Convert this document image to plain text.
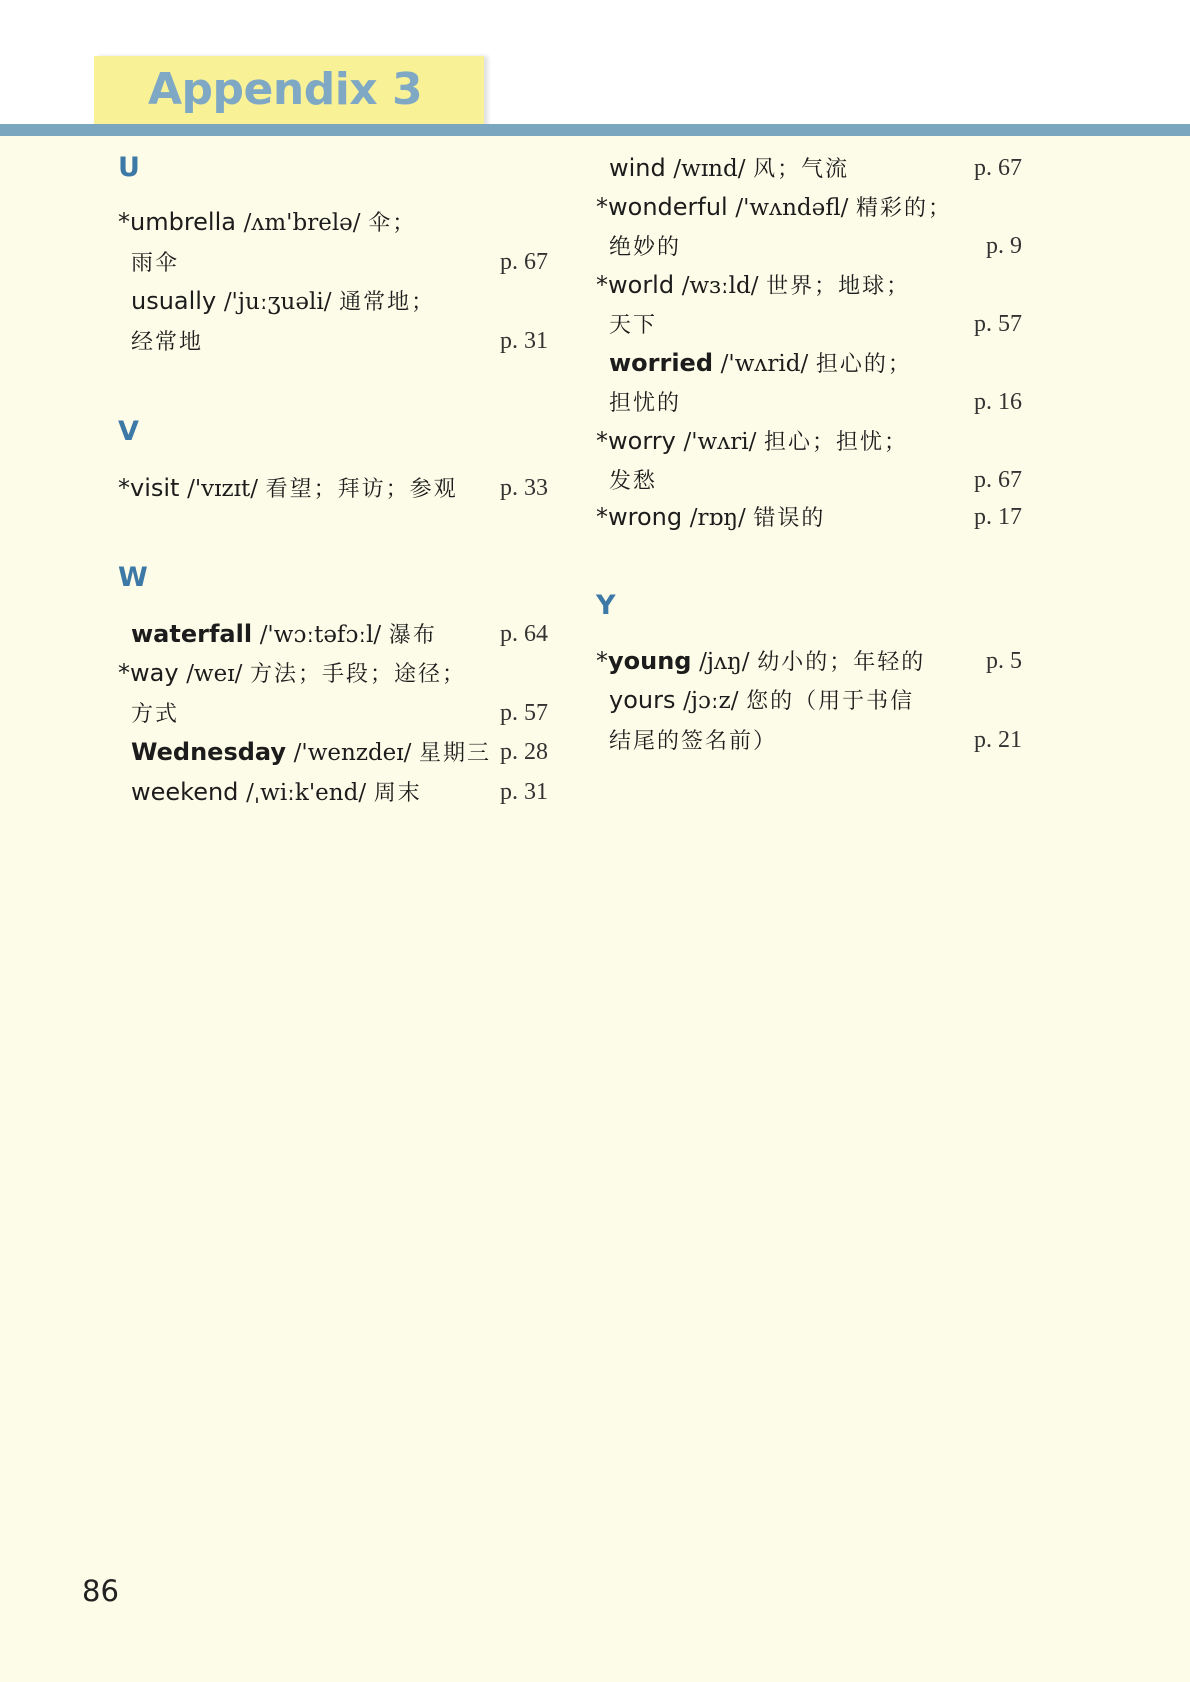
Appendix 3

U

*umbrella /ʌm'brelə/ 伞；
雨伞	p. 67
usually /'juːʒuəli/ 通常地；
经常地	p. 31

V

*visit /'vɪzɪt/ 看望；拜访；参观 p. 33

W

waterfall /'wɔːtəfɔːl/ 瀑布	p. 64
*way /weɪ/ 方法；手段；途径；
方式	p. 57
Wednesday /'wenzdeɪ/ 星期三 p. 28
weekend /ˌwiːk'end/ 周末	p. 31
wind /wɪnd/ 风；气流	p. 67
*wonderful /'wʌndəfl/ 精彩的；
绝妙的	p. 9
*world /wɜːld/ 世界；地球；
天下	p. 57
worried /'wʌrid/ 担心的；
担忧的	p. 16
*worry /'wʌri/ 担心；担忧；
发愁	p. 67
*wrong /rɒŋ/ 错误的	p. 17

Y

*young /jʌŋ/ 幼小的；年轻的	p. 5
yours /jɔːz/ 您的（用于书信
结尾的签名前）	p. 21
86
